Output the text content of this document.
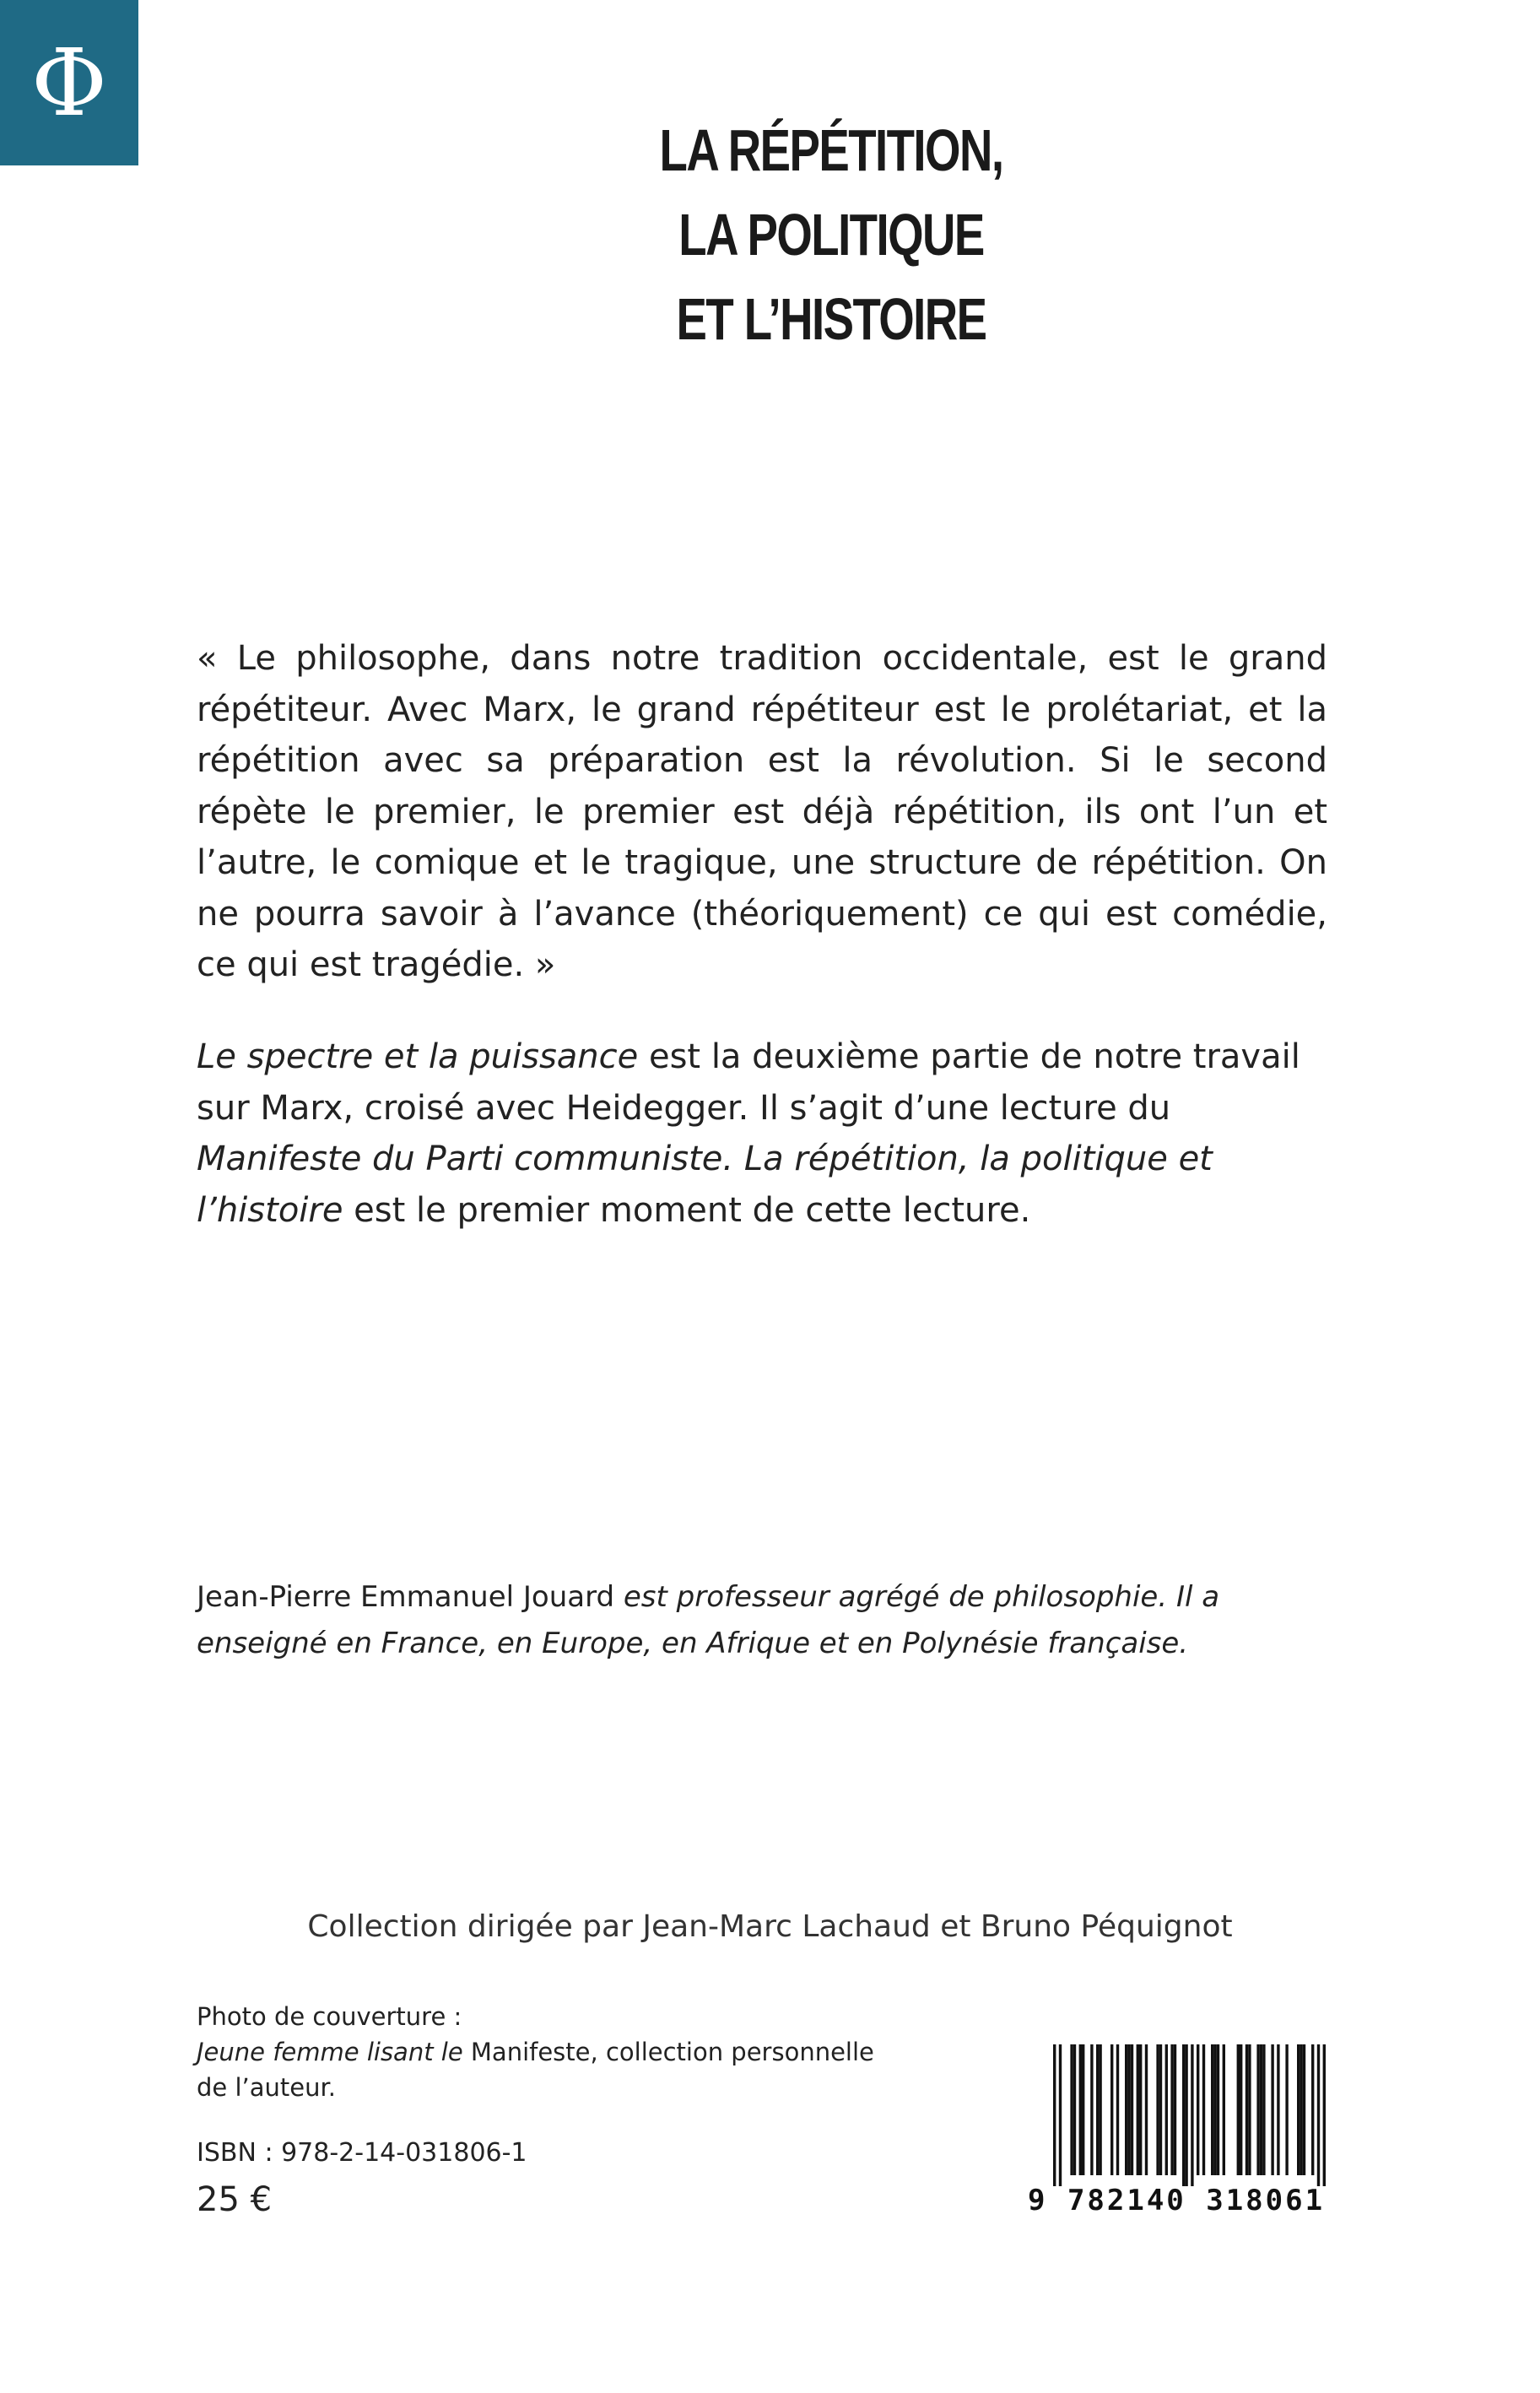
Φ
LA RÉPÉTITION,
LA POLITIQUE
ET L’HISTOIRE
« Le philosophe, dans notre tradition occidentale, est le grand répétiteur. Avec Marx, le grand répétiteur est le prolétariat, et la répétition avec sa préparation est la révolution. Si le second répète le premier, le premier est déjà répétition, ils ont l’un et l’autre, le comique et le tragique, une structure de répétition. On ne pourra savoir à l’avance (théoriquement) ce qui est comédie, ce qui est tragédie. »
Le spectre et la puissance est la deuxième partie de notre travail sur Marx, croisé avec Heidegger. Il s’agit d’une lecture du Manifeste du Parti communiste. La répétition, la politique et l’histoire est le premier moment de cette lecture.
Jean-Pierre Emmanuel Jouard est professeur agrégé de philosophie. Il a enseigné en France, en Europe, en Afrique et en Polynésie française.
Collection dirigée par Jean-Marc Lachaud et Bruno Péquignot
Photo de couverture :
Jeune femme lisant le Manifeste, collection personnelle de l’auteur.
ISBN : 978-2-14-031806-1
25 €	9 782140 318061
